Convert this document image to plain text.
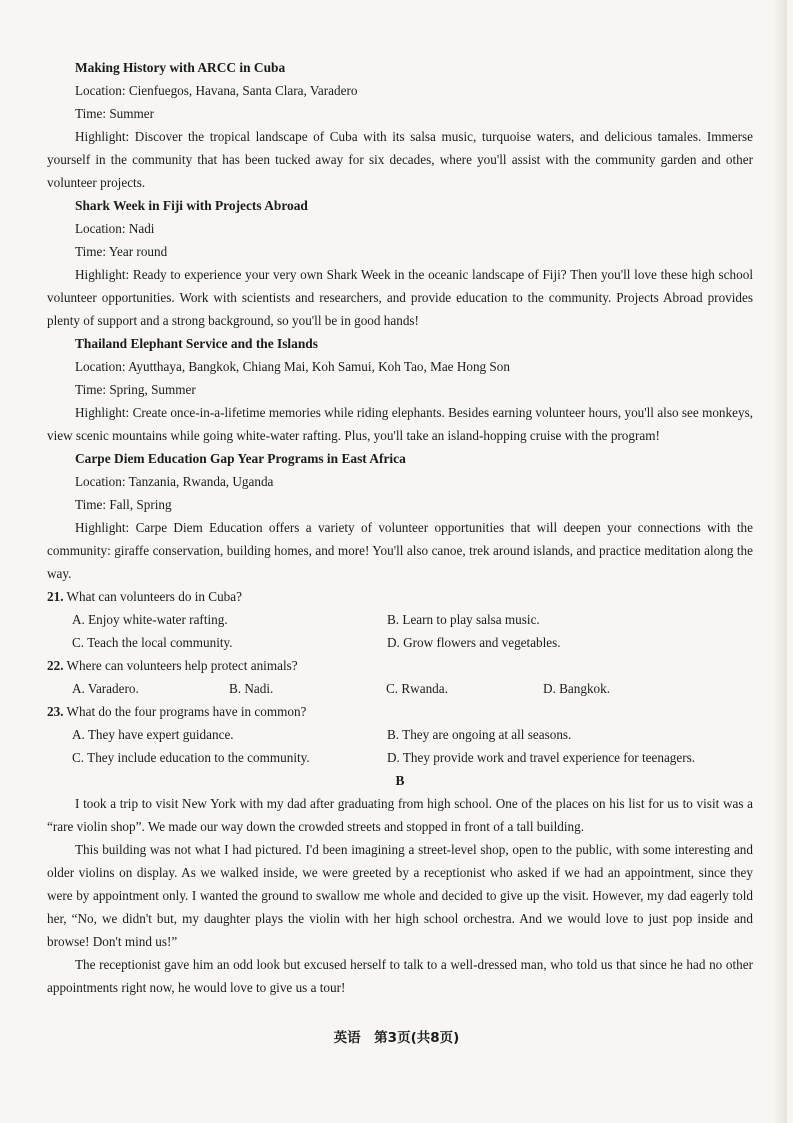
Making History with ARCC in Cuba
Location: Cienfuegos, Havana, Santa Clara, Varadero
Time: Summer
Highlight: Discover the tropical landscape of Cuba with its salsa music, turquoise waters, and delicious tamales. Immerse yourself in the community that has been tucked away for six decades, where you'll assist with the community garden and other volunteer projects.
Shark Week in Fiji with Projects Abroad
Location: Nadi
Time: Year round
Highlight: Ready to experience your very own Shark Week in the oceanic landscape of Fiji? Then you'll love these high school volunteer opportunities. Work with scientists and researchers, and provide education to the community. Projects Abroad provides plenty of support and a strong background, so you'll be in good hands!
Thailand Elephant Service and the Islands
Location: Ayutthaya, Bangkok, Chiang Mai, Koh Samui, Koh Tao, Mae Hong Son
Time: Spring, Summer
Highlight: Create once-in-a-lifetime memories while riding elephants. Besides earning volunteer hours, you'll also see monkeys, view scenic mountains while going white-water rafting. Plus, you'll take an island-hopping cruise with the program!
Carpe Diem Education Gap Year Programs in East Africa
Location: Tanzania, Rwanda, Uganda
Time: Fall, Spring
Highlight: Carpe Diem Education offers a variety of volunteer opportunities that will deepen your connections with the community: giraffe conservation, building homes, and more! You'll also canoe, trek around islands, and practice meditation along the way.
21. What can volunteers do in Cuba?
A. Enjoy white-water rafting.	B. Learn to play salsa music.
C. Teach the local community.	D. Grow flowers and vegetables.
22. Where can volunteers help protect animals?
A. Varadero.	B. Nadi.	C. Rwanda.	D. Bangkok.
23. What do the four programs have in common?
A. They have expert guidance.	B. They are ongoing at all seasons.
C. They include education to the community.	D. They provide work and travel experience for teenagers.
B
I took a trip to visit New York with my dad after graduating from high school. One of the places on his list for us to visit was a “rare violin shop”. We made our way down the crowded streets and stopped in front of a tall building.
This building was not what I had pictured. I'd been imagining a street-level shop, open to the public, with some interesting and older violins on display. As we walked inside, we were greeted by a receptionist who asked if we had an appointment, since they were by appointment only. I wanted the ground to swallow me whole and decided to give up the visit. However, my dad eagerly told her, “No, we didn't but, my daughter plays the violin with her high school orchestra. And we would love to just pop inside and browse! Don't mind us!”
The receptionist gave him an odd look but excused herself to talk to a well-dressed man, who told us that since he had no other appointments right now, he would love to give us a tour!
英语　第3页(共8页)
